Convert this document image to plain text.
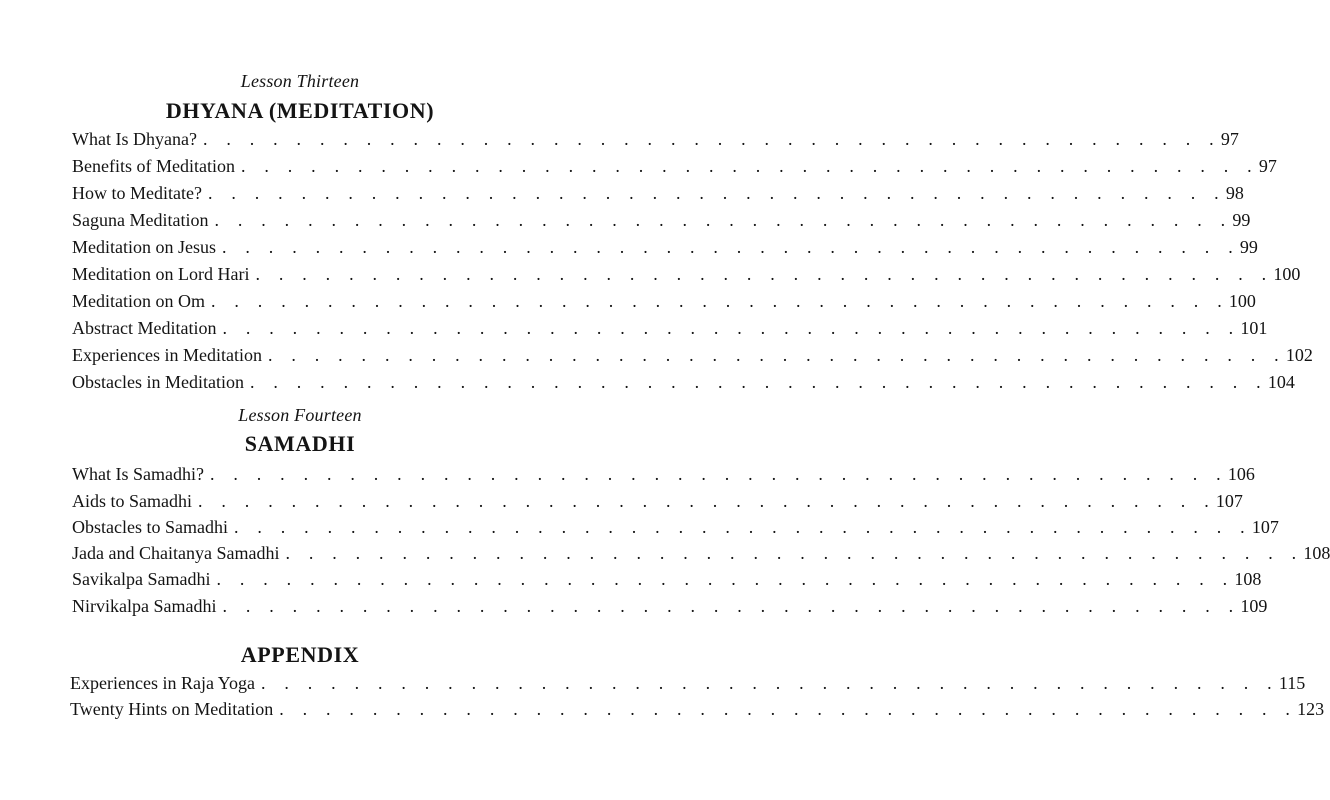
Lesson Thirteen
DHYANA (MEDITATION)
What Is Dhyana? . . . . . . . . . . . . . . . . . . . . . . . . . . . . . . . . . . . . . . . . . . . . 97
Benefits of Meditation . . . . . . . . . . . . . . . . . . . . . . . . . . . . . . . . . . . . . . . . . . . . 97
How to Meditate? . . . . . . . . . . . . . . . . . . . . . . . . . . . . . . . . . . . . . . . . . . . . 98
Saguna Meditation . . . . . . . . . . . . . . . . . . . . . . . . . . . . . . . . . . . . . . . . . . . . 99
Meditation on Jesus . . . . . . . . . . . . . . . . . . . . . . . . . . . . . . . . . . . . . . . . . . . . 99
Meditation on Lord Hari . . . . . . . . . . . . . . . . . . . . . . . . . . . . . . . . . . . . . . . . . . . . 100
Meditation on Om . . . . . . . . . . . . . . . . . . . . . . . . . . . . . . . . . . . . . . . . . . . . 100
Abstract Meditation . . . . . . . . . . . . . . . . . . . . . . . . . . . . . . . . . . . . . . . . . . . . 101
Experiences in Meditation . . . . . . . . . . . . . . . . . . . . . . . . . . . . . . . . . . . . . . . . . . . . 102
Obstacles in Meditation . . . . . . . . . . . . . . . . . . . . . . . . . . . . . . . . . . . . . . . . . . . . 104
Lesson Fourteen
SAMADHI
What Is Samadhi? . . . . . . . . . . . . . . . . . . . . . . . . . . . . . . . . . . . . . . . . . . . . 106
Aids to Samadhi . . . . . . . . . . . . . . . . . . . . . . . . . . . . . . . . . . . . . . . . . . . . 107
Obstacles to Samadhi . . . . . . . . . . . . . . . . . . . . . . . . . . . . . . . . . . . . . . . . . . . . 107
Jada and Chaitanya Samadhi . . . . . . . . . . . . . . . . . . . . . . . . . . . . . . . . . . . . . . . . . . . . 108
Savikalpa Samadhi . . . . . . . . . . . . . . . . . . . . . . . . . . . . . . . . . . . . . . . . . . . . 108
Nirvikalpa Samadhi . . . . . . . . . . . . . . . . . . . . . . . . . . . . . . . . . . . . . . . . . . . . 109
APPENDIX
Experiences in Raja Yoga . . . . . . . . . . . . . . . . . . . . . . . . . . . . . . . . . . . . . . . . . . . . 115
Twenty Hints on Meditation . . . . . . . . . . . . . . . . . . . . . . . . . . . . . . . . . . . . . . . . . . . . 123
